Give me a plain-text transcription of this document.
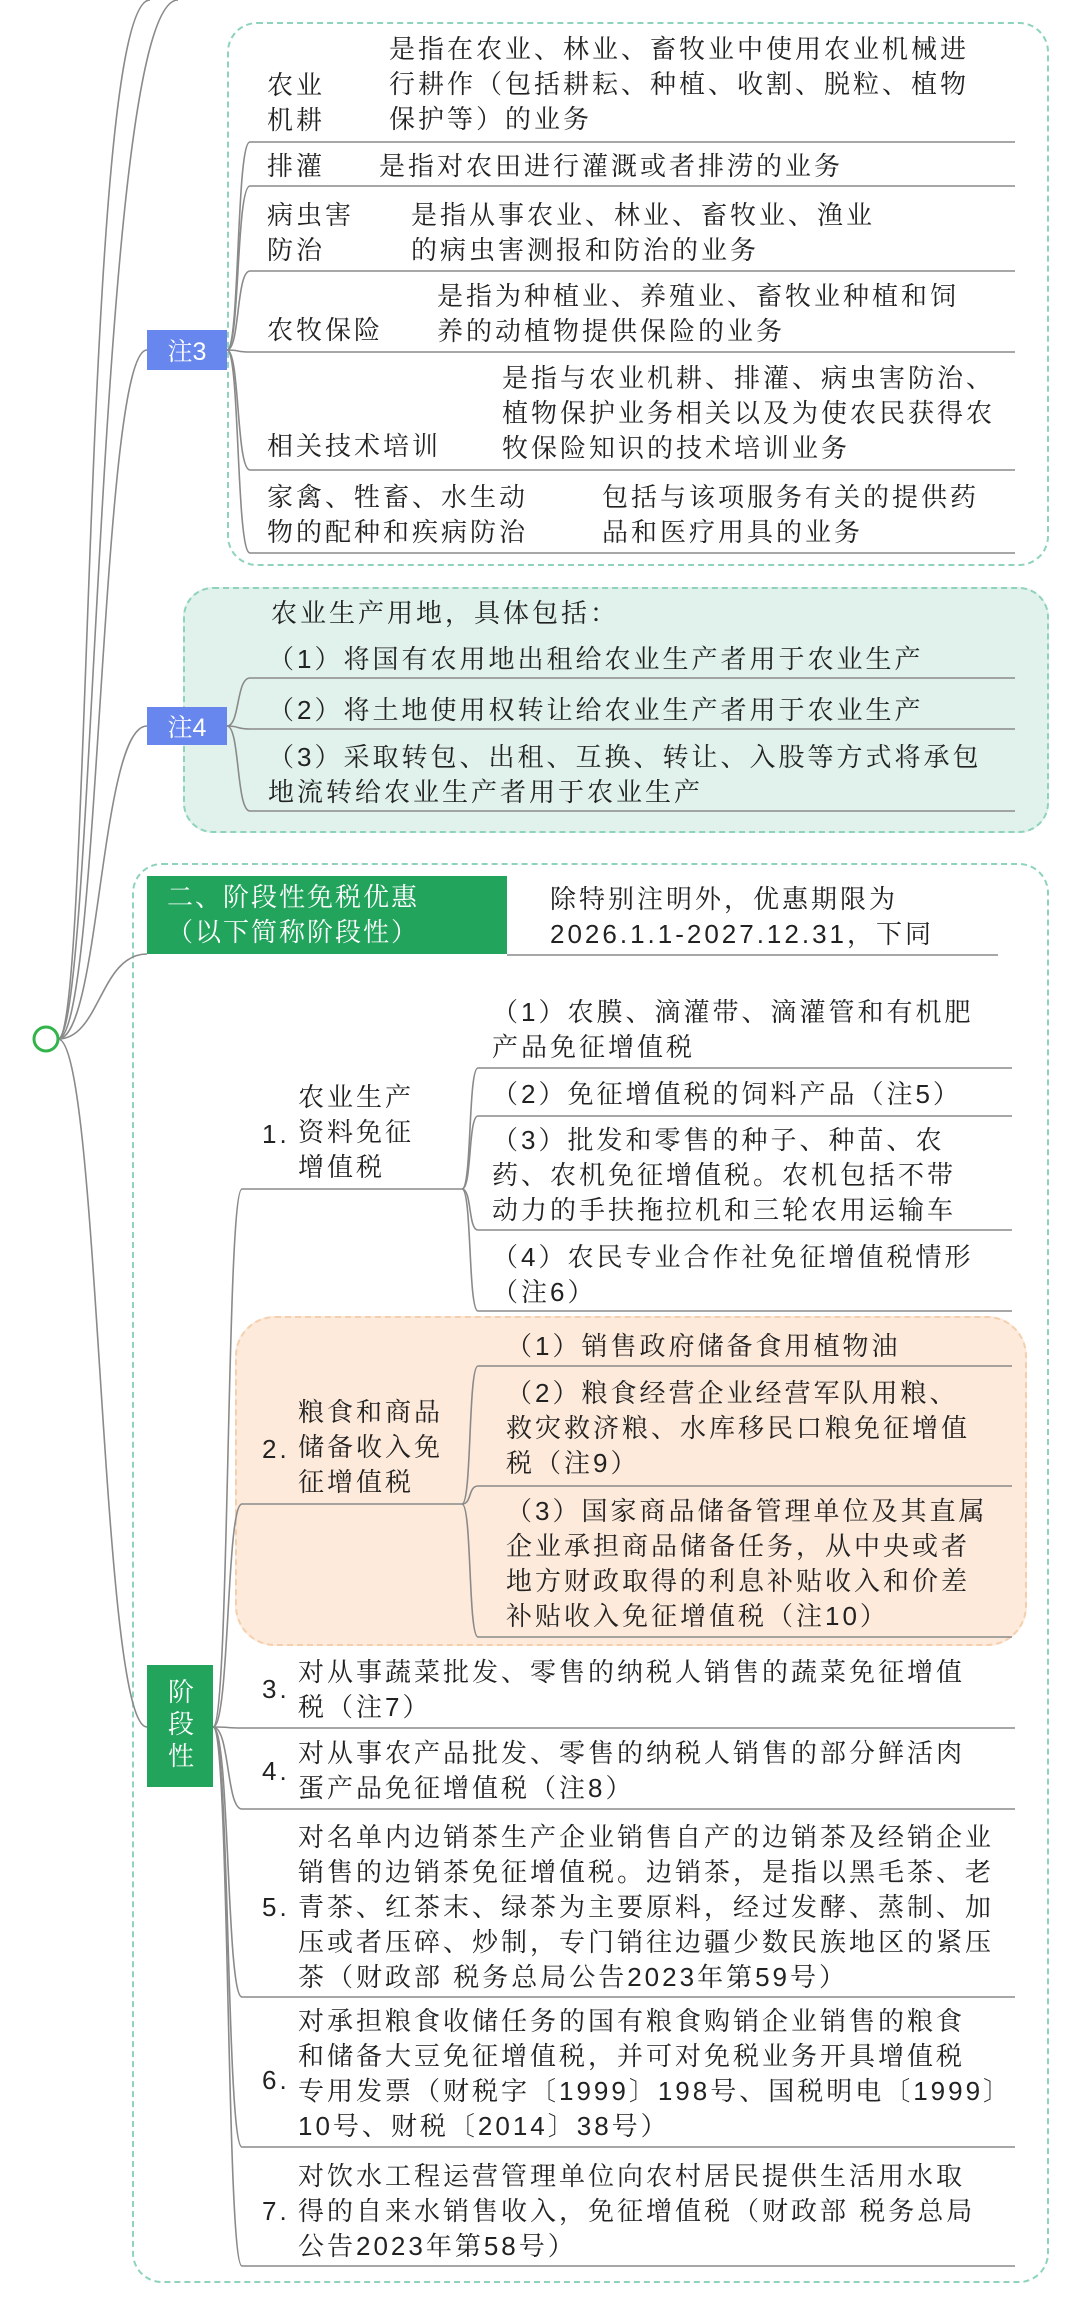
注3
农业
机耕
是指在农业、林业、畜牧业中使用农业机械进
行耕作（包括耕耘、种植、收割、脱粒、植物
保护等）的业务
排灌 是指对农田进行灌溉或者排涝的业务
病虫害
防治
是指从事农业、林业、畜牧业、渔业
的病虫害测报和防治的业务
农牧保险
是指为种植业、养殖业、畜牧业种植和饲
养的动植物提供保险的业务
相关技术培训
是指与农业机耕、排灌、病虫害防治、
植物保护业务相关以及为使农民获得农
牧保险知识的技术培训业务
家禽、牲畜、水生动
物的配种和疾病防治
包括与该项服务有关的提供药
品和医疗用具的业务
注4
农业生产用地，具体包括：
（1）将国有农用地出租给农业生产者用于农业生产
（2）将土地使用权转让给农业生产者用于农业生产
（3）采取转包、出租、互换、转让、入股等方式将承包
地流转给农业生产者用于农业生产
二、阶段性免税优惠
（以下简称阶段性）
除特别注明外，优惠期限为
2026.1.1-2027.12.31，下同
阶段性
1.
农业生产
资料免征
增值税
（1）农膜、滴灌带、滴灌管和有机肥
产品免征增值税
（2）免征增值税的饲料产品（注5）
（3）批发和零售的种子、种苗、农
药、农机免征增值税。农机包括不带
动力的手扶拖拉机和三轮农用运输车
（4）农民专业合作社免征增值税情形
（注6）
2.
粮食和商品
储备收入免
征增值税
（1）销售政府储备食用植物油
（2）粮食经营企业经营军队用粮、
救灾救济粮、水库移民口粮免征增值
税（注9）
（3）国家商品储备管理单位及其直属
企业承担商品储备任务，从中央或者
地方财政取得的利息补贴收入和价差
补贴收入免征增值税（注10）
3.
对从事蔬菜批发、零售的纳税人销售的蔬菜免征增值
税（注7）
4.
对从事农产品批发、零售的纳税人销售的部分鲜活肉
蛋产品免征增值税（注8）
5.
对名单内边销茶生产企业销售自产的边销茶及经销企业
销售的边销茶免征增值税。边销茶，是指以黑毛茶、老
青茶、红茶末、绿茶为主要原料，经过发酵、蒸制、加
压或者压碎、炒制，专门销往边疆少数民族地区的紧压
茶（财政部 税务总局公告2023年第59号）
6.
对承担粮食收储任务的国有粮食购销企业销售的粮食
和储备大豆免征增值税，并可对免税业务开具增值税
专用发票（财税字〔1999〕198号、国税明电〔1999〕
10号、财税〔2014〕38号）
7.
对饮水工程运营管理单位向农村居民提供生活用水取
得的自来水销售收入，免征增值税（财政部 税务总局
公告2023年第58号）
